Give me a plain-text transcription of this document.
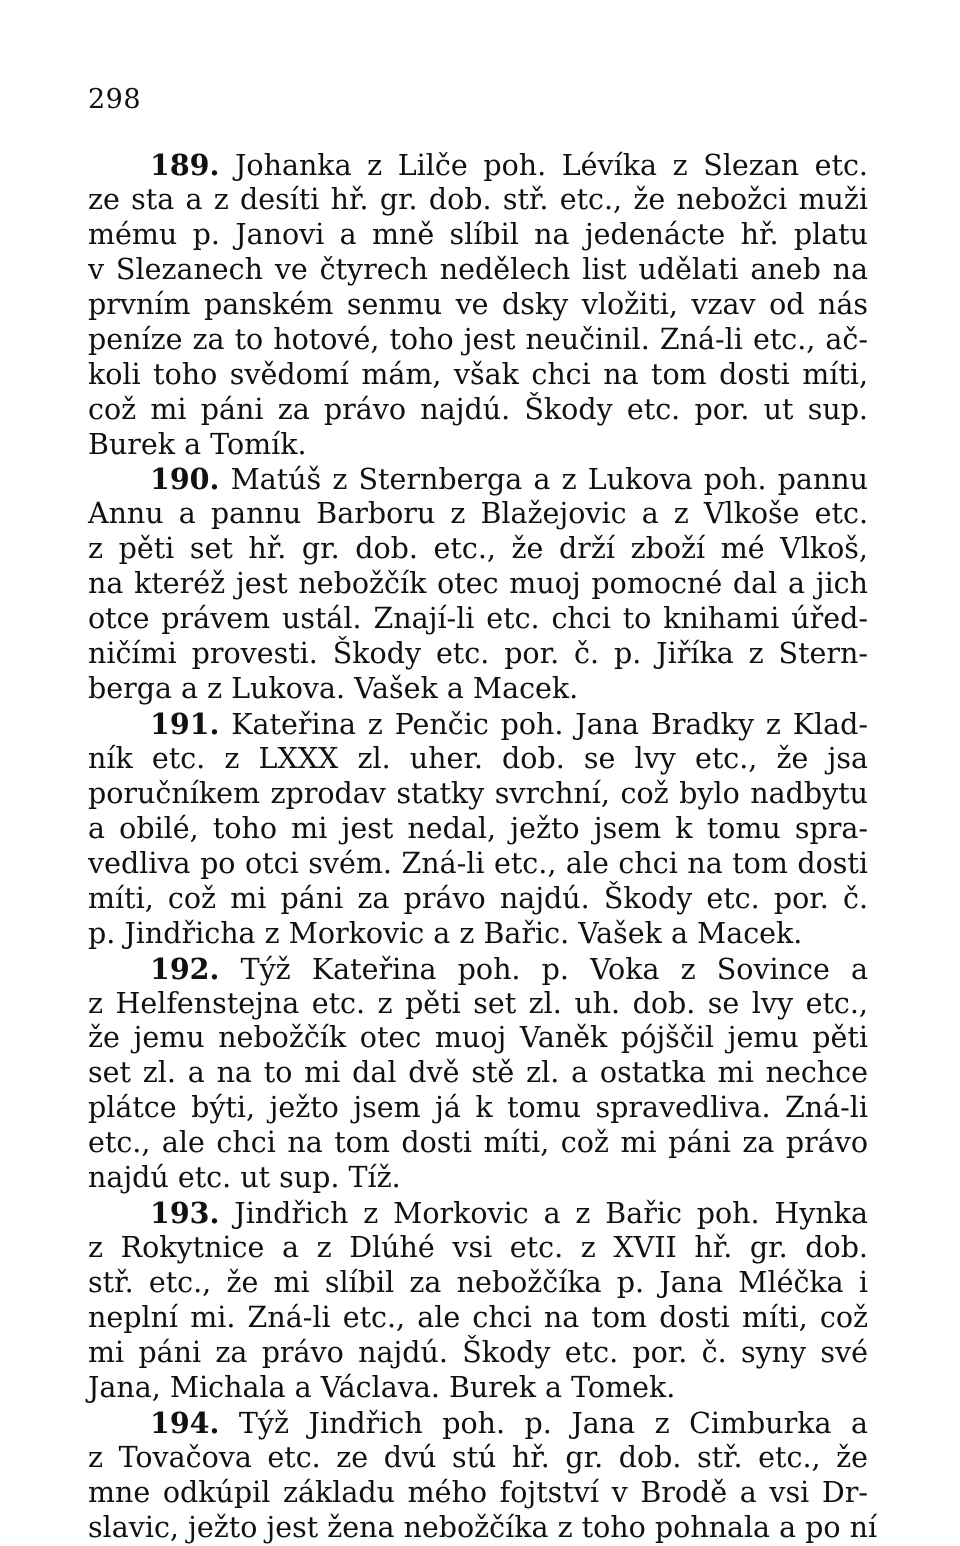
298
189. Johanka z Lilče poh. Lévíka z Slezan etc.
ze sta a z desíti hř. gr. dob. stř. etc., že nebožci muži
mému p. Janovi a mně slíbil na jedenácte hř. platu
v Slezanech ve čtyrech nedělech list udělati aneb na
prvním panském senmu ve dsky vložiti, vzav od nás
peníze za to hotové, toho jest neučinil. Zná-li etc., ač-
koli toho svědomí mám, však chci na tom dosti míti,
což mi páni za právo najdú. Škody etc. por. ut sup.
Burek a Tomík.
190. Matúš z Sternberga a z Lukova poh. pannu
Annu a pannu Barboru z Blažejovic a z Vlkoše etc.
z pěti set hř. gr. dob. etc., že drží zboží mé Vlkoš,
na kteréž jest nebožčík otec muoj pomocné dal a jich
otce právem ustál. Znají-li etc. chci to knihami úřed-
ničími provesti. Škody etc. por. č. p. Jiříka z Stern-
berga a z Lukova. Vašek a Macek.
191. Kateřina z Penčic poh. Jana Bradky z Klad-
ník etc. z LXXX zl. uher. dob. se lvy etc., že jsa
poručníkem zprodav statky svrchní, což bylo nadbytu
a obilé, toho mi jest nedal, ježto jsem k tomu spra-
vedliva po otci svém. Zná-li etc., ale chci na tom dosti
míti, což mi páni za právo najdú. Škody etc. por. č.
p. Jindřicha z Morkovic a z Bařic. Vašek a Macek.
192. Týž Kateřina poh. p. Voka z Sovince a
z Helfenstejna etc. z pěti set zl. uh. dob. se lvy etc.,
že jemu nebožčík otec muoj Vaněk pójščil jemu pěti
set zl. a na to mi dal dvě stě zl. a ostatka mi nechce
plátce býti, ježto jsem já k tomu spravedliva. Zná-li
etc., ale chci na tom dosti míti, což mi páni za právo
najdú etc. ut sup. Tíž.
193. Jindřich z Morkovic a z Bařic poh. Hynka
z Rokytnice a z Dlúhé vsi etc. z XVII hř. gr. dob.
stř. etc., že mi slíbil za nebožčíka p. Jana Mléčka i
neplní mi. Zná-li etc., ale chci na tom dosti míti, což
mi páni za právo najdú. Škody etc. por. č. syny své
Jana, Michala a Václava. Burek a Tomek.
194. Týž Jindřich poh. p. Jana z Cimburka a
z Tovačova etc. ze dvú stú hř. gr. dob. stř. etc., že
mne odkúpil základu mého fojtství v Brodě a vsi Dr-
slavic, ježto jest žena nebožčíka z toho pohnala a po ní
